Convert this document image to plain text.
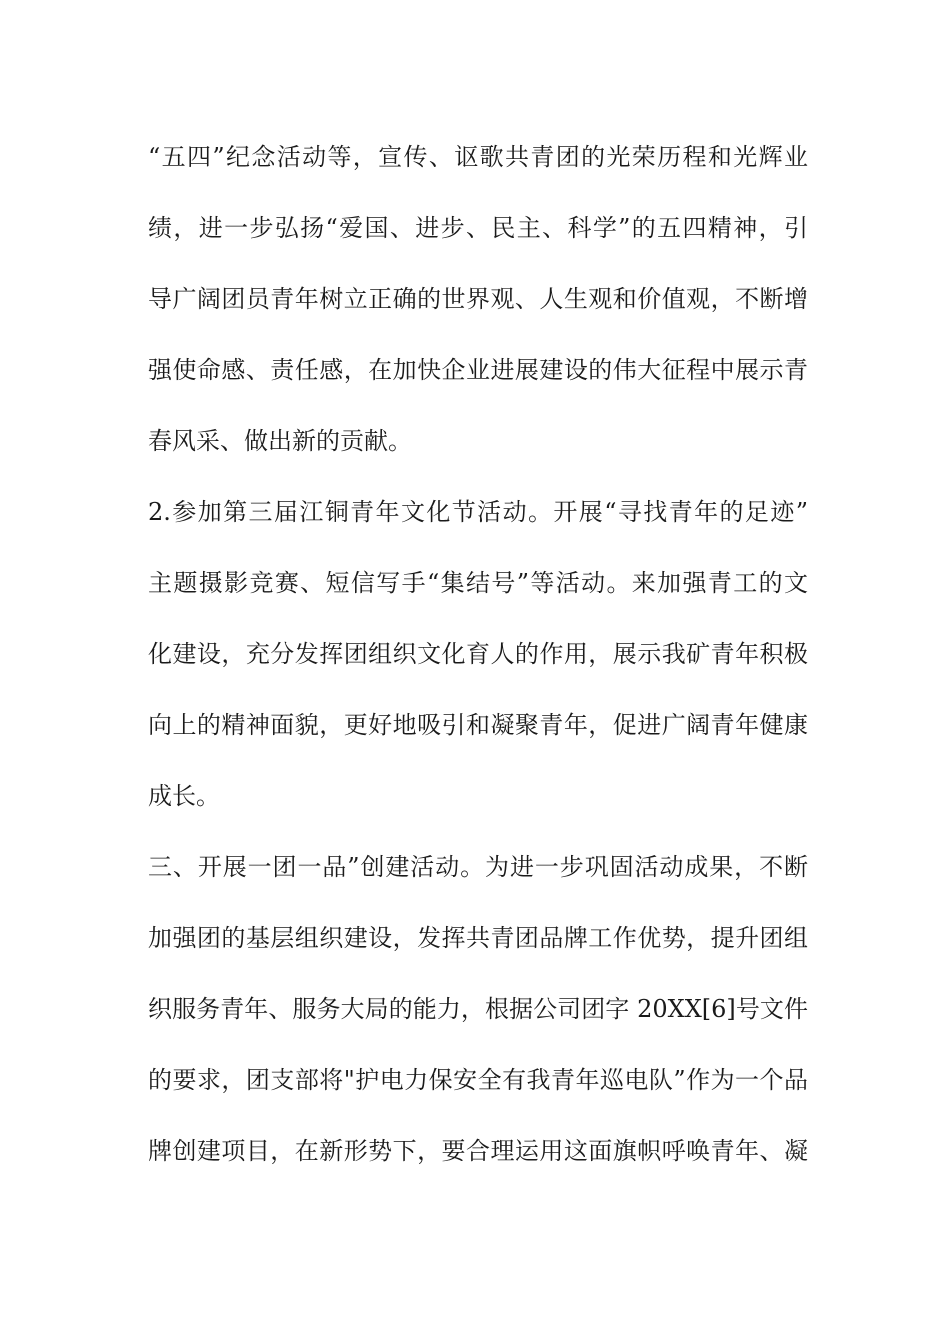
“五四”纪念活动等，宣传、讴歌共青团的光荣历程和光辉业
绩，进一步弘扬“爱国、进步、民主、科学”的五四精神，引
导广阔团员青年树立正确的世界观、人生观和价值观，不断增
强使命感、责任感，在加快企业进展建设的伟大征程中展示青
春风采、做出新的贡献。
2.参加第三届江铜青年文化节活动。开展“寻找青年的足迹”
主题摄影竞赛、短信写手“集结号”等活动。来加强青工的文
化建设，充分发挥团组织文化育人的作用，展示我矿青年积极
向上的精神面貌，更好地吸引和凝聚青年，促进广阔青年健康
成长。
三、开展一团一品”创建活动。为进一步巩固活动成果，不断
加强团的基层组织建设，发挥共青团品牌工作优势，提升团组
织服务青年、服务大局的能力，根据公司团字 20XX[6]号文件
的要求，团支部将"护电力保安全有我青年巡电队”作为一个品
牌创建项目，在新形势下，要合理运用这面旗帜呼唤青年、凝
